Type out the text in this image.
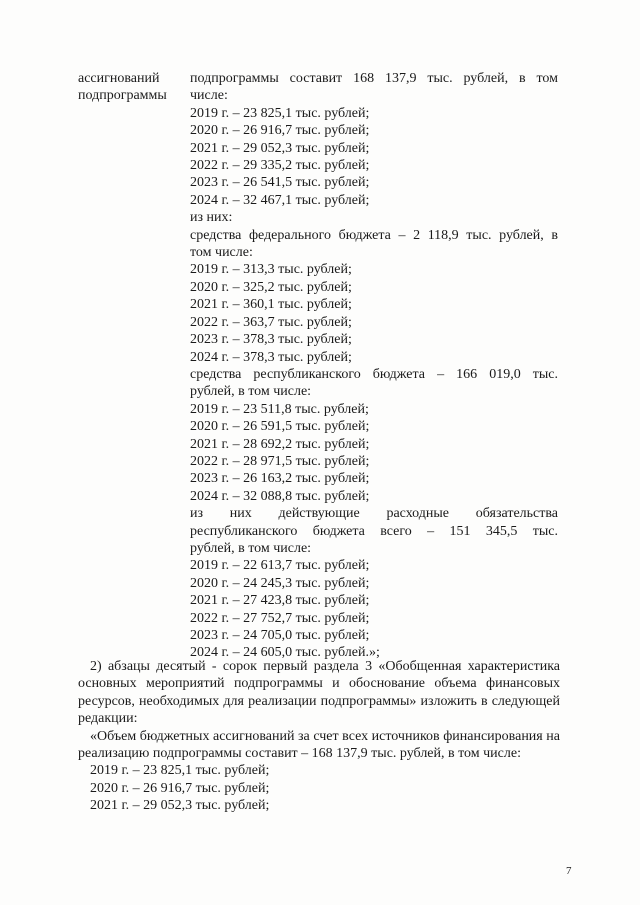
ассигнований
подпрограммы
подпрограммы составит 168 137,9 тыс. рублей, в том
числе:
2019 г. – 23 825,1 тыс. рублей;
2020 г. – 26 916,7 тыс. рублей;
2021 г. – 29 052,3 тыс. рублей;
2022 г. – 29 335,2 тыс. рублей;
2023 г. – 26 541,5 тыс. рублей;
2024 г. – 32 467,1 тыс. рублей;
из них:
средства федерального бюджета – 2 118,9 тыс. рублей, в
том числе:
2019 г. – 313,3 тыс. рублей;
2020 г. – 325,2 тыс. рублей;
2021 г. – 360,1 тыс. рублей;
2022 г. – 363,7 тыс. рублей;
2023 г. – 378,3 тыс. рублей;
2024 г. – 378,3 тыс. рублей;
средства республиканского бюджета – 166 019,0 тыс.
рублей, в том числе:
2019 г. – 23 511,8 тыс. рублей;
2020 г. – 26 591,5 тыс. рублей;
2021 г. – 28 692,2 тыс. рублей;
2022 г. – 28 971,5 тыс. рублей;
2023 г. – 26 163,2 тыс. рублей;
2024 г. – 32 088,8 тыс. рублей;
из них действующие расходные обязательства
республиканского бюджета всего – 151 345,5 тыс.
рублей, в том числе:
2019 г. – 22 613,7 тыс. рублей;
2020 г. – 24 245,3 тыс. рублей;
2021 г. – 27 423,8 тыс. рублей;
2022 г. – 27 752,7 тыс. рублей;
2023 г. – 24 705,0 тыс. рублей;
2024 г. – 24 605,0 тыс. рублей.»;

2) абзацы десятый - сорок первый раздела 3 «Обобщенная характеристика основных мероприятий подпрограммы и обоснование объема финансовых ресурсов, необходимых для реализации подпрограммы» изложить в следующей редакции:

«Объем бюджетных ассигнований за счет всех источников финансирования на реализацию подпрограммы составит – 168 137,9 тыс. рублей, в том числе:

2019 г. – 23 825,1 тыс. рублей;
2020 г. – 26 916,7 тыс. рублей;
2021 г. – 29 052,3 тыс. рублей;
7
